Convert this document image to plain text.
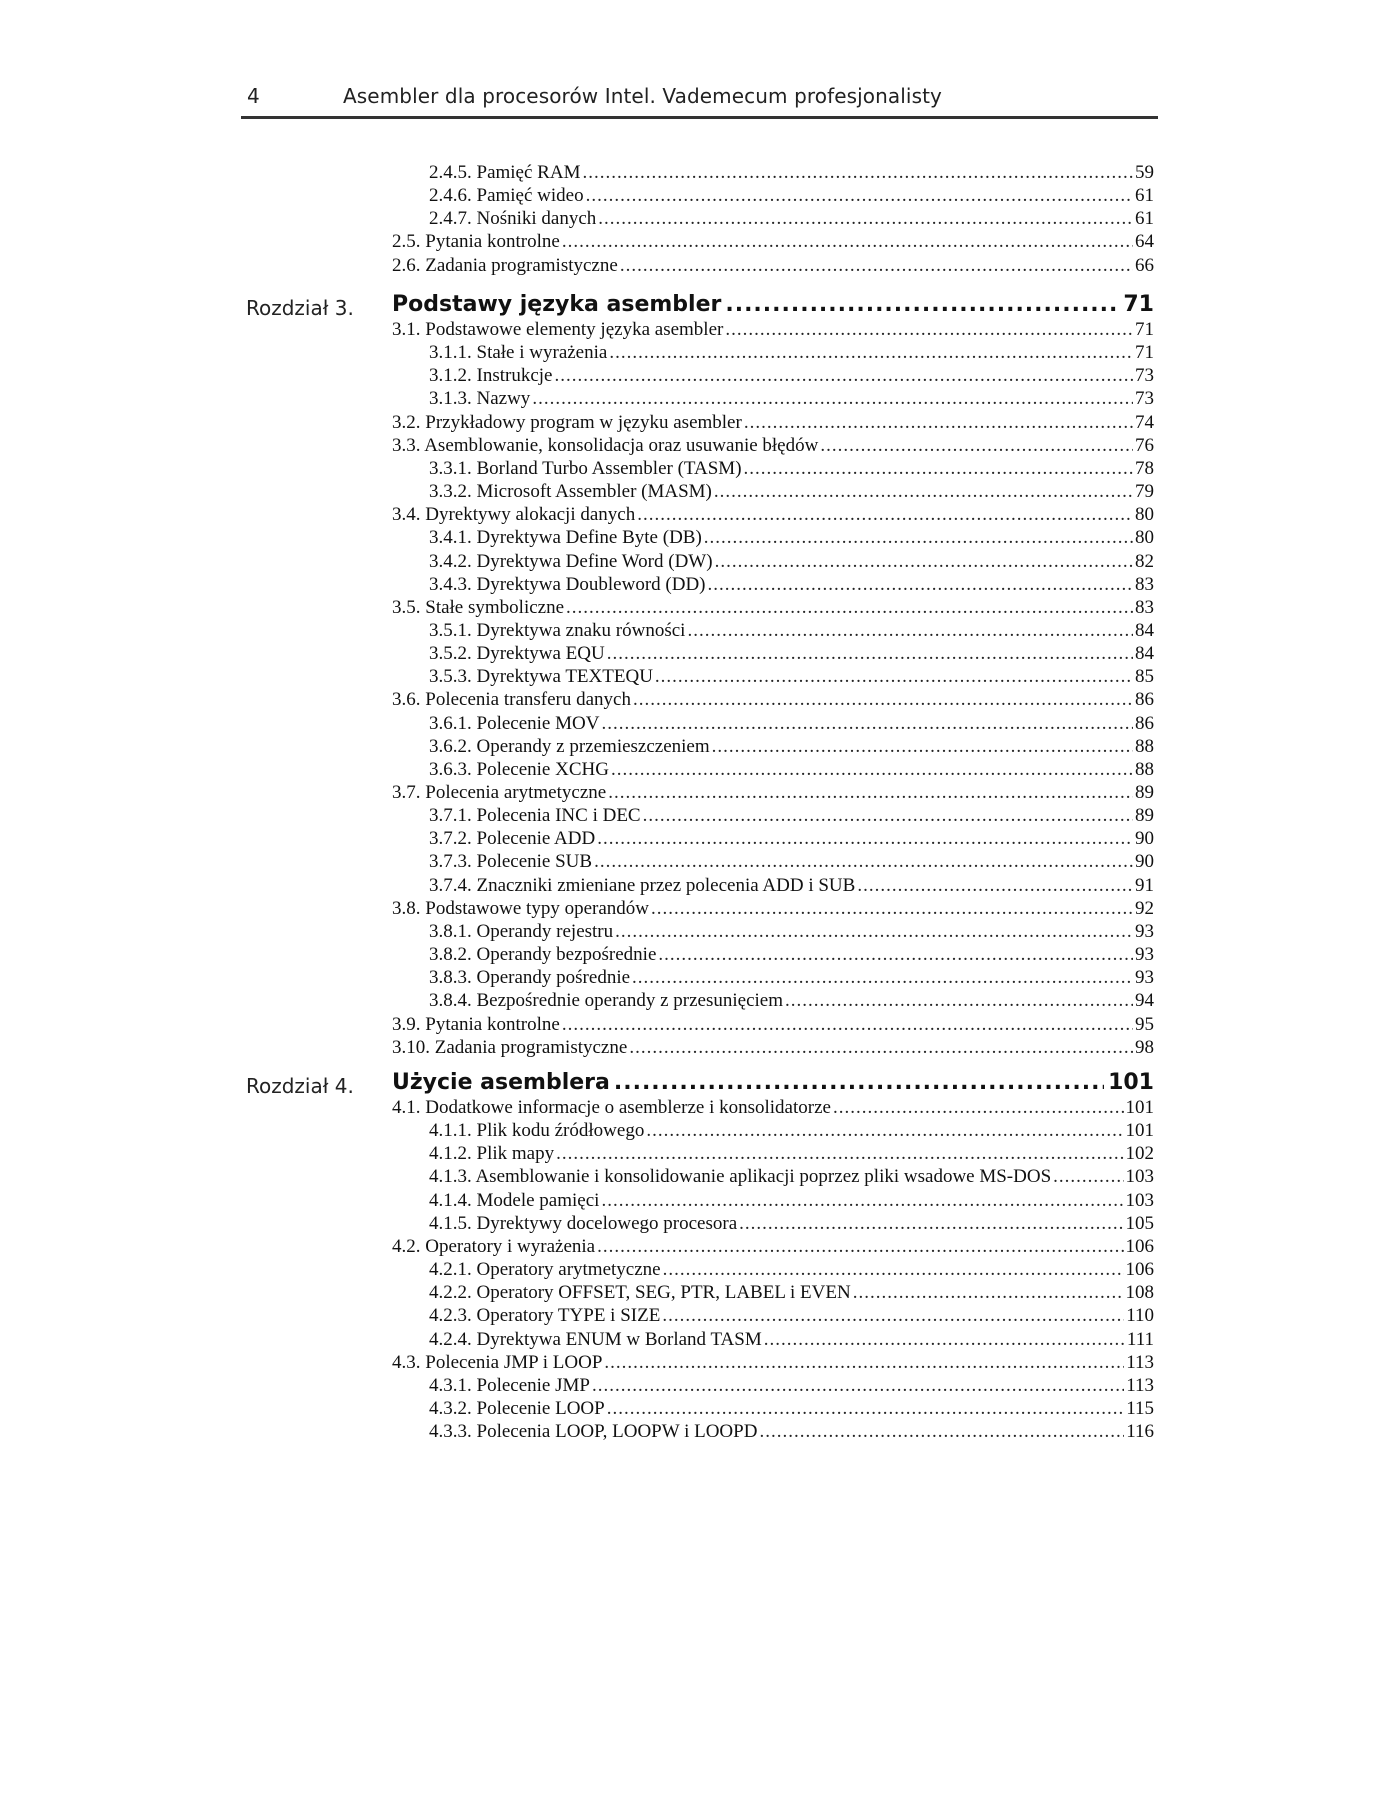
4	Asembler dla procesorów Intel. Vademecum profesjonalisty
2.4.5. Pamięć RAM .....	59
2.4.6. Pamięć wideo .....	61
2.4.7. Nośniki danych .....	61
2.5. Pytania kontrolne .....	64
2.6. Zadania programistyczne .....	66
Rozdział 3. Podstawy języka asembler .....	71
3.1. Podstawowe elementy języka asembler .....	71
3.1.1. Stałe i wyrażenia .....	71
3.1.2. Instrukcje .....	73
3.1.3. Nazwy .....	73
3.2. Przykładowy program w języku asembler .....	74
3.3. Asemblowanie, konsolidacja oraz usuwanie błędów .....	76
3.3.1. Borland Turbo Assembler (TASM) .....	78
3.3.2. Microsoft Assembler (MASM) .....	79
3.4. Dyrektywy alokacji danych .....	80
3.4.1. Dyrektywa Define Byte (DB) .....	80
3.4.2. Dyrektywa Define Word (DW) .....	82
3.4.3. Dyrektywa Doubleword (DD) .....	83
3.5. Stałe symboliczne .....	83
3.5.1. Dyrektywa znaku równości .....	84
3.5.2. Dyrektywa EQU .....	84
3.5.3. Dyrektywa TEXTEQU .....	85
3.6. Polecenia transferu danych .....	86
3.6.1. Polecenie MOV .....	86
3.6.2. Operandy z przemieszczeniem .....	88
3.6.3. Polecenie XCHG .....	88
3.7. Polecenia arytmetyczne .....	89
3.7.1. Polecenia INC i DEC .....	89
3.7.2. Polecenie ADD .....	90
3.7.3. Polecenie SUB .....	90
3.7.4. Znaczniki zmieniane przez polecenia ADD i SUB .....	91
3.8. Podstawowe typy operandów .....	92
3.8.1. Operandy rejestru .....	93
3.8.2. Operandy bezpośrednie .....	93
3.8.3. Operandy pośrednie .....	93
3.8.4. Bezpośrednie operandy z przesunięciem .....	94
3.9. Pytania kontrolne .....	95
3.10. Zadania programistyczne .....	98
Rozdział 4. Użycie asemblera .....	101
4.1. Dodatkowe informacje o asemblerze i konsolidatorze .....	101
4.1.1. Plik kodu źródłowego .....	101
4.1.2. Plik mapy .....	102
4.1.3. Asemblowanie i konsolidowanie aplikacji poprzez pliki wsadowe MS-DOS .....	103
4.1.4. Modele pamięci .....	103
4.1.5. Dyrektywy docelowego procesora .....	105
4.2. Operatory i wyrażenia .....	106
4.2.1. Operatory arytmetyczne .....	106
4.2.2. Operatory OFFSET, SEG, PTR, LABEL i EVEN .....	108
4.2.3. Operatory TYPE i SIZE .....	110
4.2.4. Dyrektywa ENUM w Borland TASM .....	111
4.3. Polecenia JMP i LOOP .....	113
4.3.1. Polecenie JMP .....	113
4.3.2. Polecenie LOOP .....	115
4.3.3. Polecenia LOOP, LOOPW i LOOPD .....	116
